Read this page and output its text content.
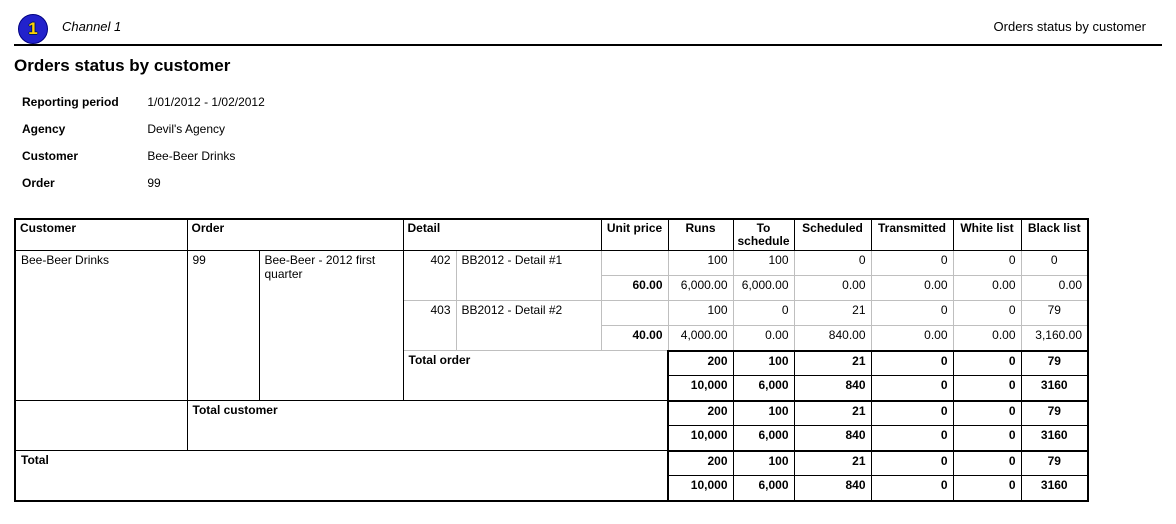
1	Channel 1	Orders status by customer
Orders status by customer
Reporting period 1/01/2012 - 1/02/2012
Agency	Devil's Agency
Customer	Bee-Beer Drinks
Order	99
Customer	Order		Detail		Unit price	Runs	To schedule	Scheduled	Transmitted	White list	Black list
Bee-Beer Drinks	99	Bee-Beer - 2012 first quarter	402	BB2012 - Detail #1		100	100	0	0	0	0
					60.00	6,000.00	6,000.00	0.00	0.00	0.00	0.00
			403	BB2012 - Detail #2		100	0	21	0	0	79
					40.00	4,000.00	0.00	840.00	0.00	0.00	3,160.00
			Total order			200	100	21	0	0	79
						10,000	6,000	840	0	0	3160
	Total customer					200	100	21	0	0	79
						10,000	6,000	840	0	0	3160
Total						200	100	21	0	0	79
						10,000	6,000	840	0	0	3160
